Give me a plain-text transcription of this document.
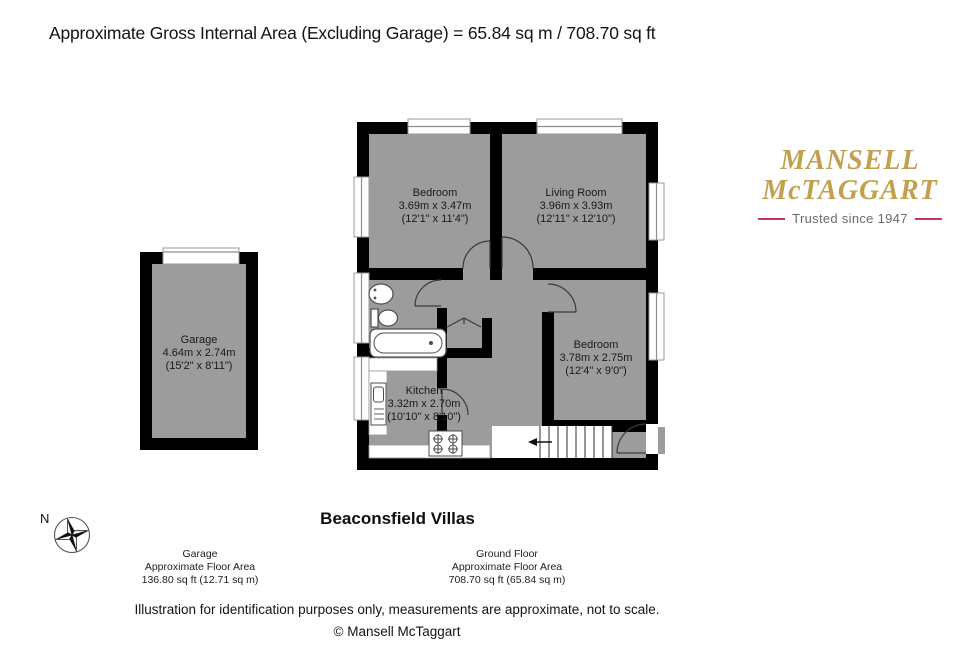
Approximate Gross Internal Area (Excluding Garage) = 65.84 sq m / 708.70 sq ft
MANSELL
McTAGGART
Trusted since 1947
Garage
4.64m x 2.74m
(15'2" x 8'11")
Bedroom
3.69m x 3.47m
(12'1" x 11'4")
Living Room
3.96m x 3.93m
(12'11" x 12'10")
Bedroom
3.78m x 2.75m
(12'4" x 9'0")
Kitchen
3.32m x 2.70m
(10'10" x 8'10")
N	Beaconsfield Villas
Garage
Approximate Floor Area
136.80 sq ft (12.71 sq m)
Ground Floor
Approximate Floor Area
708.70 sq ft (65.84 sq m)
Illustration for identification purposes only, measurements are approximate, not to scale.
© Mansell McTaggart
